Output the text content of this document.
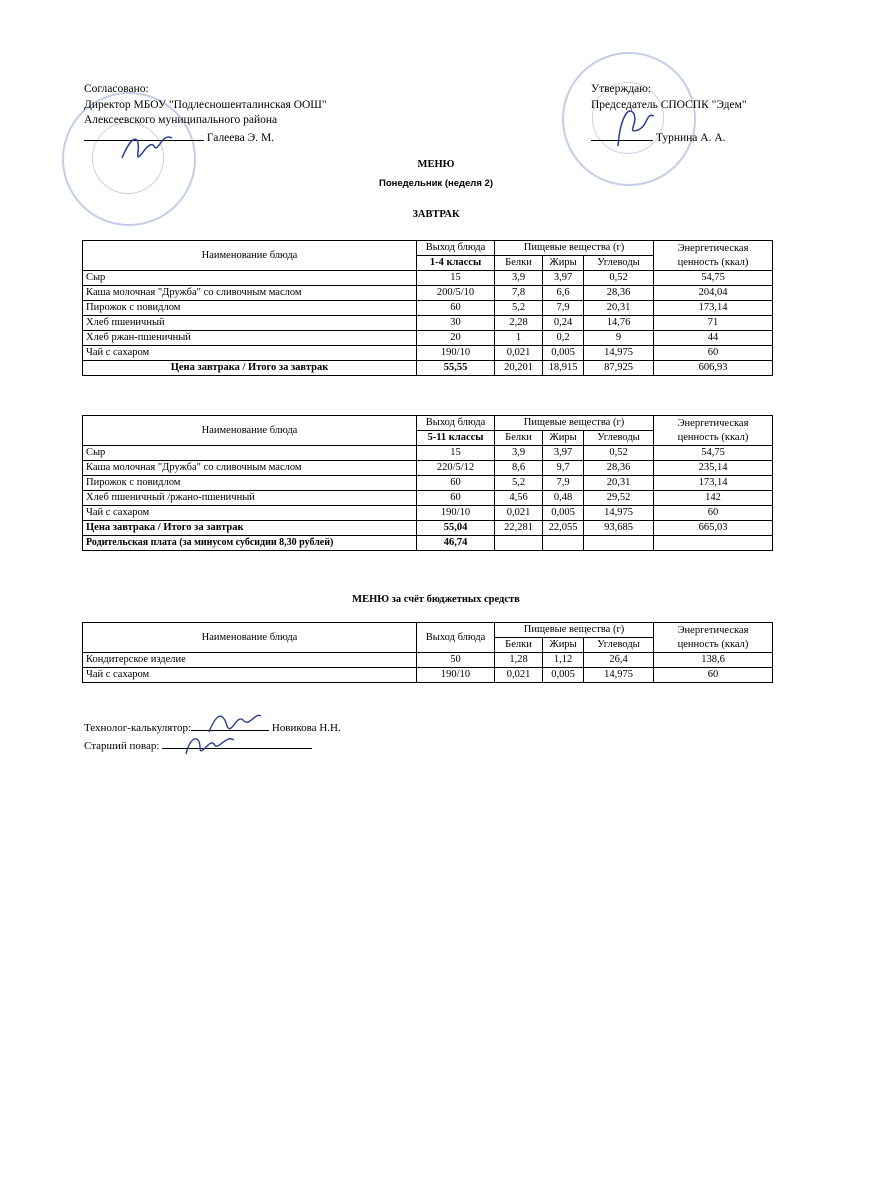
Согласовано:
Директор МБОУ "Подлесношенталинская ООШ"
Алексеевского муниципального района
Галеева Э. М.
Утверждаю:
Председатель СПОСПК "Эдем"
Турнина А. А.
МЕНЮ
Понедельник (неделя 2)
ЗАВТРАК
Наименование блюда	Выход блюда	Пищевые вещества (г)			Энергетическая ценность (ккал)
	1-4 классы	Белки	Жиры	Углеводы	
Сыр	15	3,9	3,97	0,52	54,75
Каша молочная "Дружба" со сливочным маслом	200/5/10	7,8	6,6	28,36	204,04
Пирожок с повидлом	60	5,2	7,9	20,31	173,14
Хлеб пшеничный	30	2,28	0,24	14,76	71
Хлеб ржан-пшеничный	20	1	0,2	9	44
Чай с сахаром	190/10	0,021	0,005	14,975	60
Цена завтрака / Итого за завтрак	55,55	20,201	18,915	87,925	606,93
Наименование блюда	Выход блюда	Пищевые вещества (г)			Энергетическая ценность (ккал)
	5-11 классы	Белки	Жиры	Углеводы	
Сыр	15	3,9	3,97	0,52	54,75
Каша молочная "Дружба" со сливочным маслом	220/5/12	8,6	9,7	28,36	235,14
Пирожок с повидлом	60	5,2	7,9	20,31	173,14
Хлеб пшеничный /ржано-пшеничный	60	4,56	0,48	29,52	142
Чай с сахаром	190/10	0,021	0,005	14,975	60
Цена завтрака / Итого за завтрак	55,04	22,281	22,055	93,685	665,03
Родительская плата (за минусом субсидии 8,30 рублей)	46,74				
МЕНЮ за счёт бюджетных средств
Наименование блюда	Выход блюда	Пищевые вещества (г)			Энергетическая ценность (ккал)
		Белки	Жиры	Углеводы	
Кондитерское изделие	50	1,28	1,12	26,4	138,6
Чай с сахаром	190/10	0,021	0,005	14,975	60
Технолог-калькулятор:	Новикова Н.Н.
Старший повар:
